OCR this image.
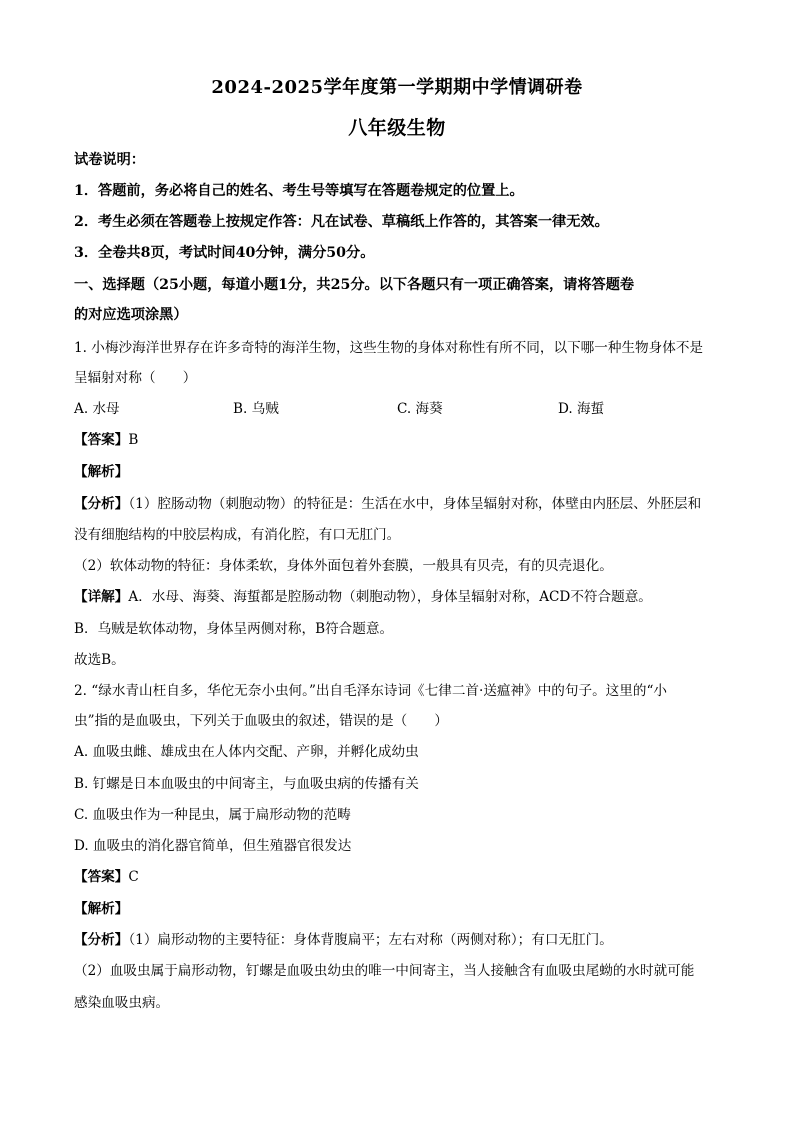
2024-2025学年度第一学期期中学情调研卷
八年级生物
试卷说明：
1．答题前，务必将自己的姓名、考生号等填写在答题卷规定的位置上。
2．考生必须在答题卷上按规定作答：凡在试卷、草稿纸上作答的，其答案一律无效。
3．全卷共8页，考试时间40分钟，满分50分。
一、选择题（25小题，每道小题1分，共25分。以下各题只有一项正确答案，请将答题卷
的对应选项涂黑）
1. 小梅沙海洋世界存在许多奇特的海洋生物，这些生物的身体对称性有所不同，以下哪一种生物身体不是
呈辐射对称（　　）
A. 水母	B. 乌贼	C. 海葵	D. 海蜇
【答案】B
【解析】
【分析】（1）腔肠动物（刺胞动物）的特征是：生活在水中，身体呈辐射对称，体壁由内胚层、外胚层和
没有细胞结构的中胶层构成，有消化腔，有口无肛门。
（2）软体动物的特征：身体柔软，身体外面包着外套膜，一般具有贝壳，有的贝壳退化。
【详解】A．水母、海葵、海蜇都是腔肠动物（刺胞动物），身体呈辐射对称，ACD不符合题意。
B．乌贼是软体动物，身体呈两侧对称，B符合题意。
故选B。
2. “绿水青山枉自多，华佗无奈小虫何。”出自毛泽东诗词《七律二首·送瘟神》中的句子。这里的“小
虫”指的是血吸虫，下列关于血吸虫的叙述，错误的是（　　）
A. 血吸虫雌、雄成虫在人体内交配、产卵，并孵化成幼虫
B. 钉螺是日本血吸虫的中间寄主，与血吸虫病的传播有关
C. 血吸虫作为一种昆虫，属于扁形动物的范畴
D. 血吸虫的消化器官简单，但生殖器官很发达
【答案】C
【解析】
【分析】（1）扁形动物的主要特征：身体背腹扁平；左右对称（两侧对称）；有口无肛门。
（2）血吸虫属于扁形动物，钉螺是血吸虫幼虫的唯一中间寄主，当人接触含有血吸虫尾蚴的水时就可能
感染血吸虫病。
